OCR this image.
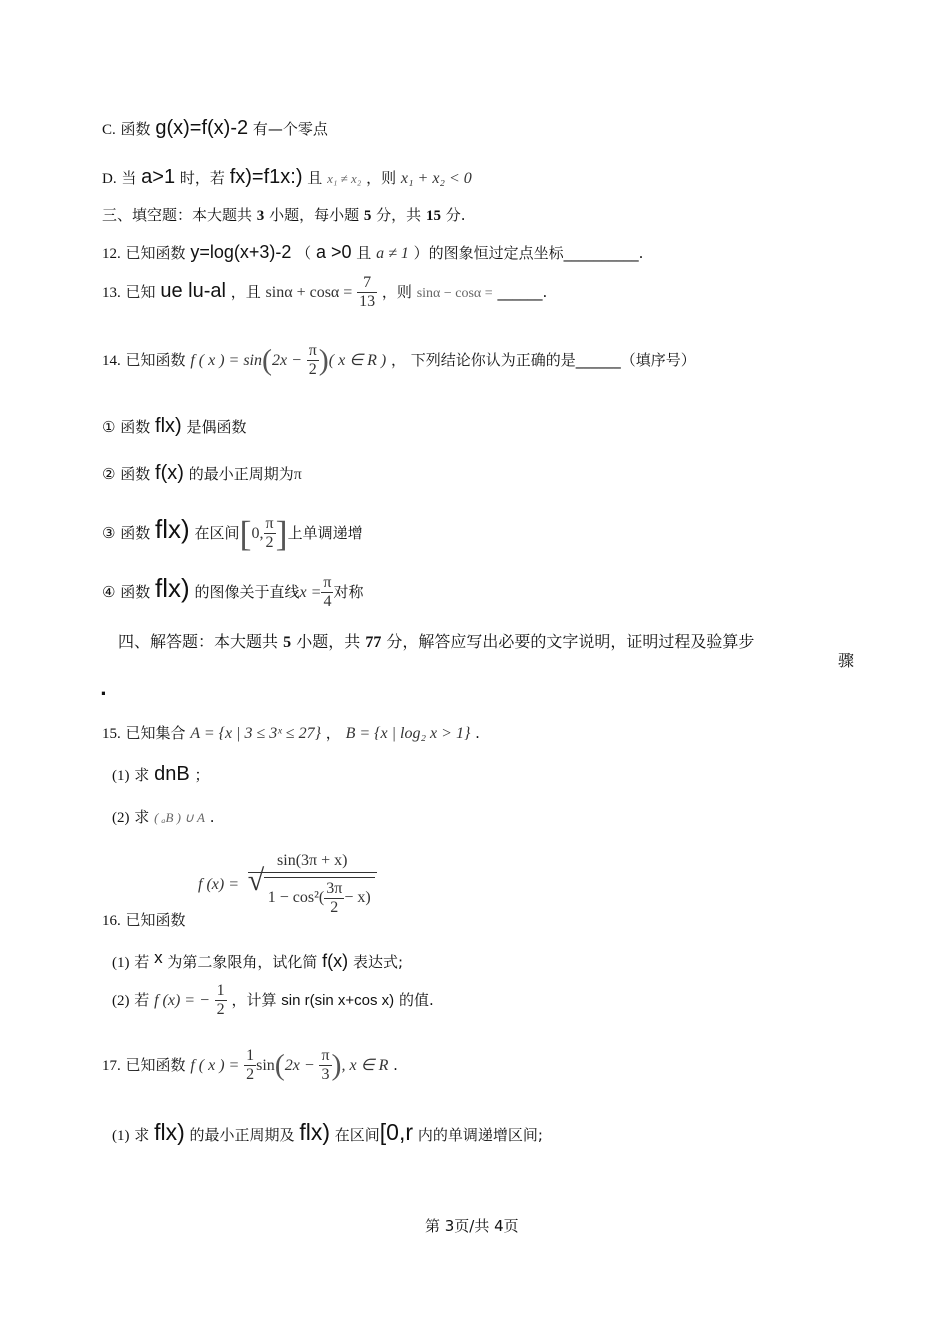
C. 函数 g(x)=f(x)-2 有—个零点
D. 当 a>1 时，若 fx)=f1x:) 且 x₁ ≠ x₂ ，则 x₁ + x₂ < 0
三、填空题：本大题共 3 小题，每小题 5 分，共 15 分.
12. 已知函数 y=log(x+3)-2 （ a >0 且 a ≠ 1 ）的图象恒过定点坐标__________.
13. 已知 ue lu-al ，且 $\sin\alpha + \cos\alpha = \frac{7}{13}$ ，则 sinα − cosα = ______.
14. 已知函数 f ( x ) = $\sin(2x - \frac{\pi}{2}$ )( x ∈ R ) ， 下列结论你认为正确的是______（填序号）
① 函数 flx) 是偶函数
② 函数 f(x) 的最小正周期为π
③ 函数 flx) 在区间[0, $\frac{\pi}{2}$ ]上单调递增
④ 函数 flx) 的图像关于直线$x = \frac{\pi}{4}$ 对称
四、解答题：本大题共 5 小题，共 77 分，解答应写出必要的文字说明，证明过程及验算步
骤
.
15. 已知集合 A = {x | 3 ≤ 3ˣ ≤ 27} ， B = {x | log₂ x > 1} .
(1) 求 dnB ；
(2) 求 ( ₐB ) ∪ A .
f (x) = sin(3π + x)
√ $1 - \cos^2( \frac{3\pi}{2} - x)$
16. 已知函数
(1) 若 x 为第二象限角，试化简 f(x) 表达式;
(2) 若 f (x) = − $\frac{1}{2}$ ，计算 sin r(sin x+cos x) 的值.
17. 已知函数 f ( x ) = $\frac{1}{2} \sin(2x - \frac{\pi}{3}$ ), x ∈ R .
(1) 求 flx) 的最小正周期及 flx) 在区间[0,r 内的单调递增区间;
第 3页/共 4页
